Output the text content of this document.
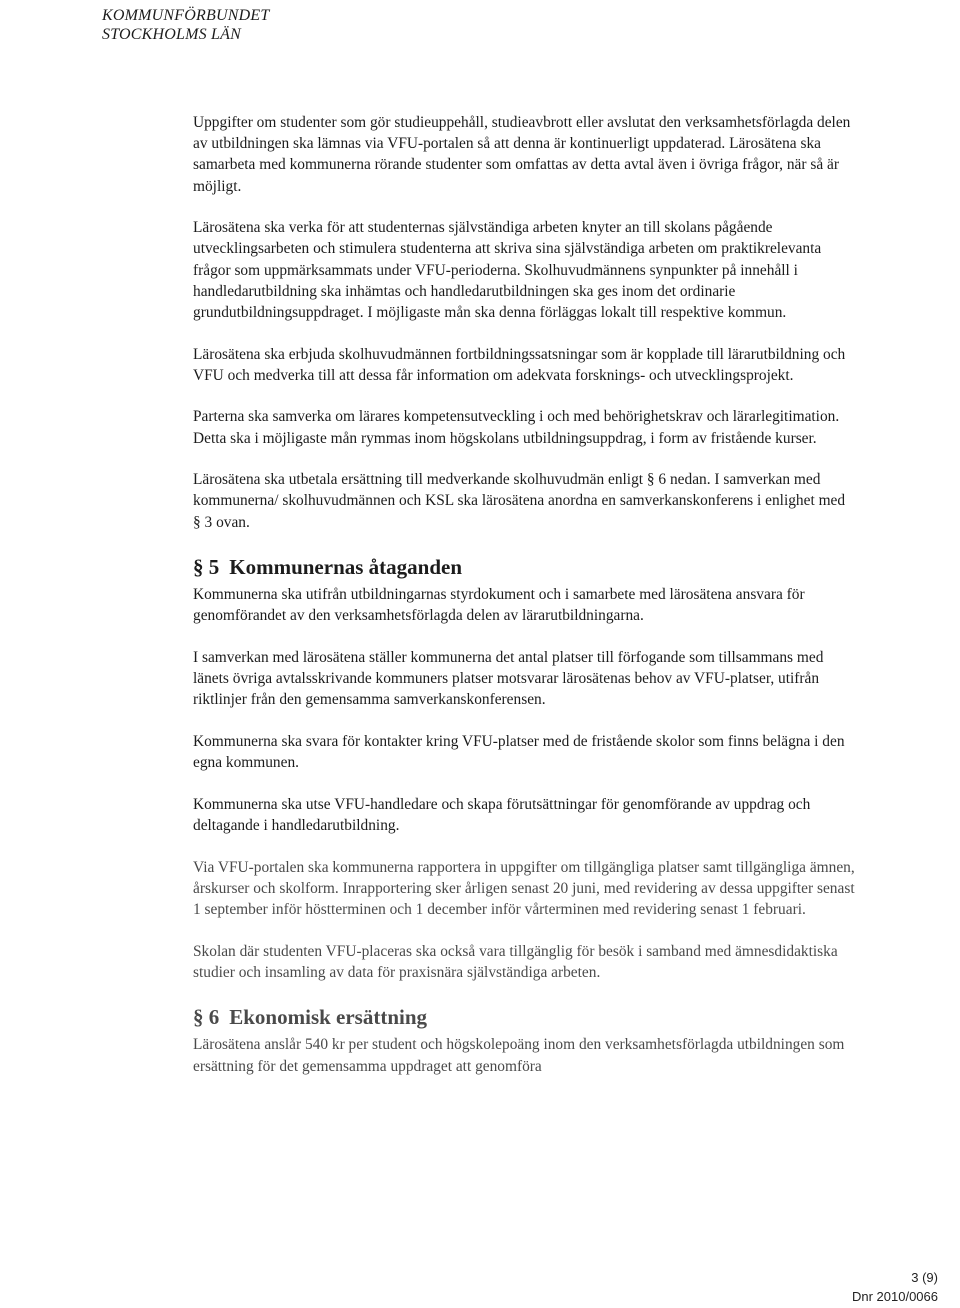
KOMMUNFÖRBUNDET
STOCKHOLMS LÄN

Uppgifter om studenter som gör studieuppehåll, studieavbrott eller avslutat den verksamhetsförlagda delen av utbildningen ska lämnas via VFU-portalen så att denna är kontinuerligt uppdaterad. Lärosätena ska samarbeta med kommunerna rörande studenter som omfattas av detta avtal även i övriga frågor, när så är möjligt.

Lärosätena ska verka för att studenternas självständiga arbeten knyter an till skolans pågående utvecklingsarbeten och stimulera studenterna att skriva sina självständiga arbeten om praktikrelevanta frågor som uppmärksammats under VFU-perioderna. Skolhuvudmännens synpunkter på innehåll i handledarutbildning ska inhämtas och handledarutbildningen ska ges inom det ordinarie grundutbildningsuppdraget. I möjligaste mån ska denna förläggas lokalt till respektive kommun.

Lärosätena ska erbjuda skolhuvudmännen fortbildningssatsningar som är kopplade till lärarutbildning och VFU och medverka till att dessa får information om adekvata forsknings- och utvecklingsprojekt.

Parterna ska samverka om lärares kompetensutveckling i och med behörighetskrav och lärarlegitimation. Detta ska i möjligaste mån rymmas inom högskolans utbildningsuppdrag, i form av fristående kurser.

Lärosätena ska utbetala ersättning till medverkande skolhuvudmän enligt § 6 nedan. I samverkan med kommunerna/ skolhuvudmännen och KSL ska lärosätena anordna en samverkanskonferens i enlighet med § 3 ovan.

§ 5 Kommunernas åtaganden

Kommunerna ska utifrån utbildningarnas styrdokument och i samarbete med lärosätena ansvara för genomförandet av den verksamhetsförlagda delen av lärarutbildningarna.

I samverkan med lärosätena ställer kommunerna det antal platser till förfogande som tillsammans med länets övriga avtalsskrivande kommuners platser motsvarar lärosätenas behov av VFU-platser, utifrån riktlinjer från den gemensamma samverkanskonferensen.

Kommunerna ska svara för kontakter kring VFU-platser med de fristående skolor som finns belägna i den egna kommunen.

Kommunerna ska utse VFU-handledare och skapa förutsättningar för genomförande av uppdrag och deltagande i handledarutbildning.

Via VFU-portalen ska kommunerna rapportera in uppgifter om tillgängliga platser samt tillgängliga ämnen, årskurser och skolform. Inrapportering sker årligen senast 20 juni, med revidering av dessa uppgifter senast 1 september inför höstterminen och 1 december inför vårterminen med revidering senast 1 februari.

Skolan där studenten VFU-placeras ska också vara tillgänglig för besök i samband med ämnesdidaktiska studier och insamling av data för praxisnära självständiga arbeten.

§ 6 Ekonomisk ersättning

Lärosätena anslår 540 kr per student och högskolepoäng inom den verksamhetsförlagda utbildningen som ersättning för det gemensamma uppdraget att genomföra

3 (9)
Dnr 2010/0066
